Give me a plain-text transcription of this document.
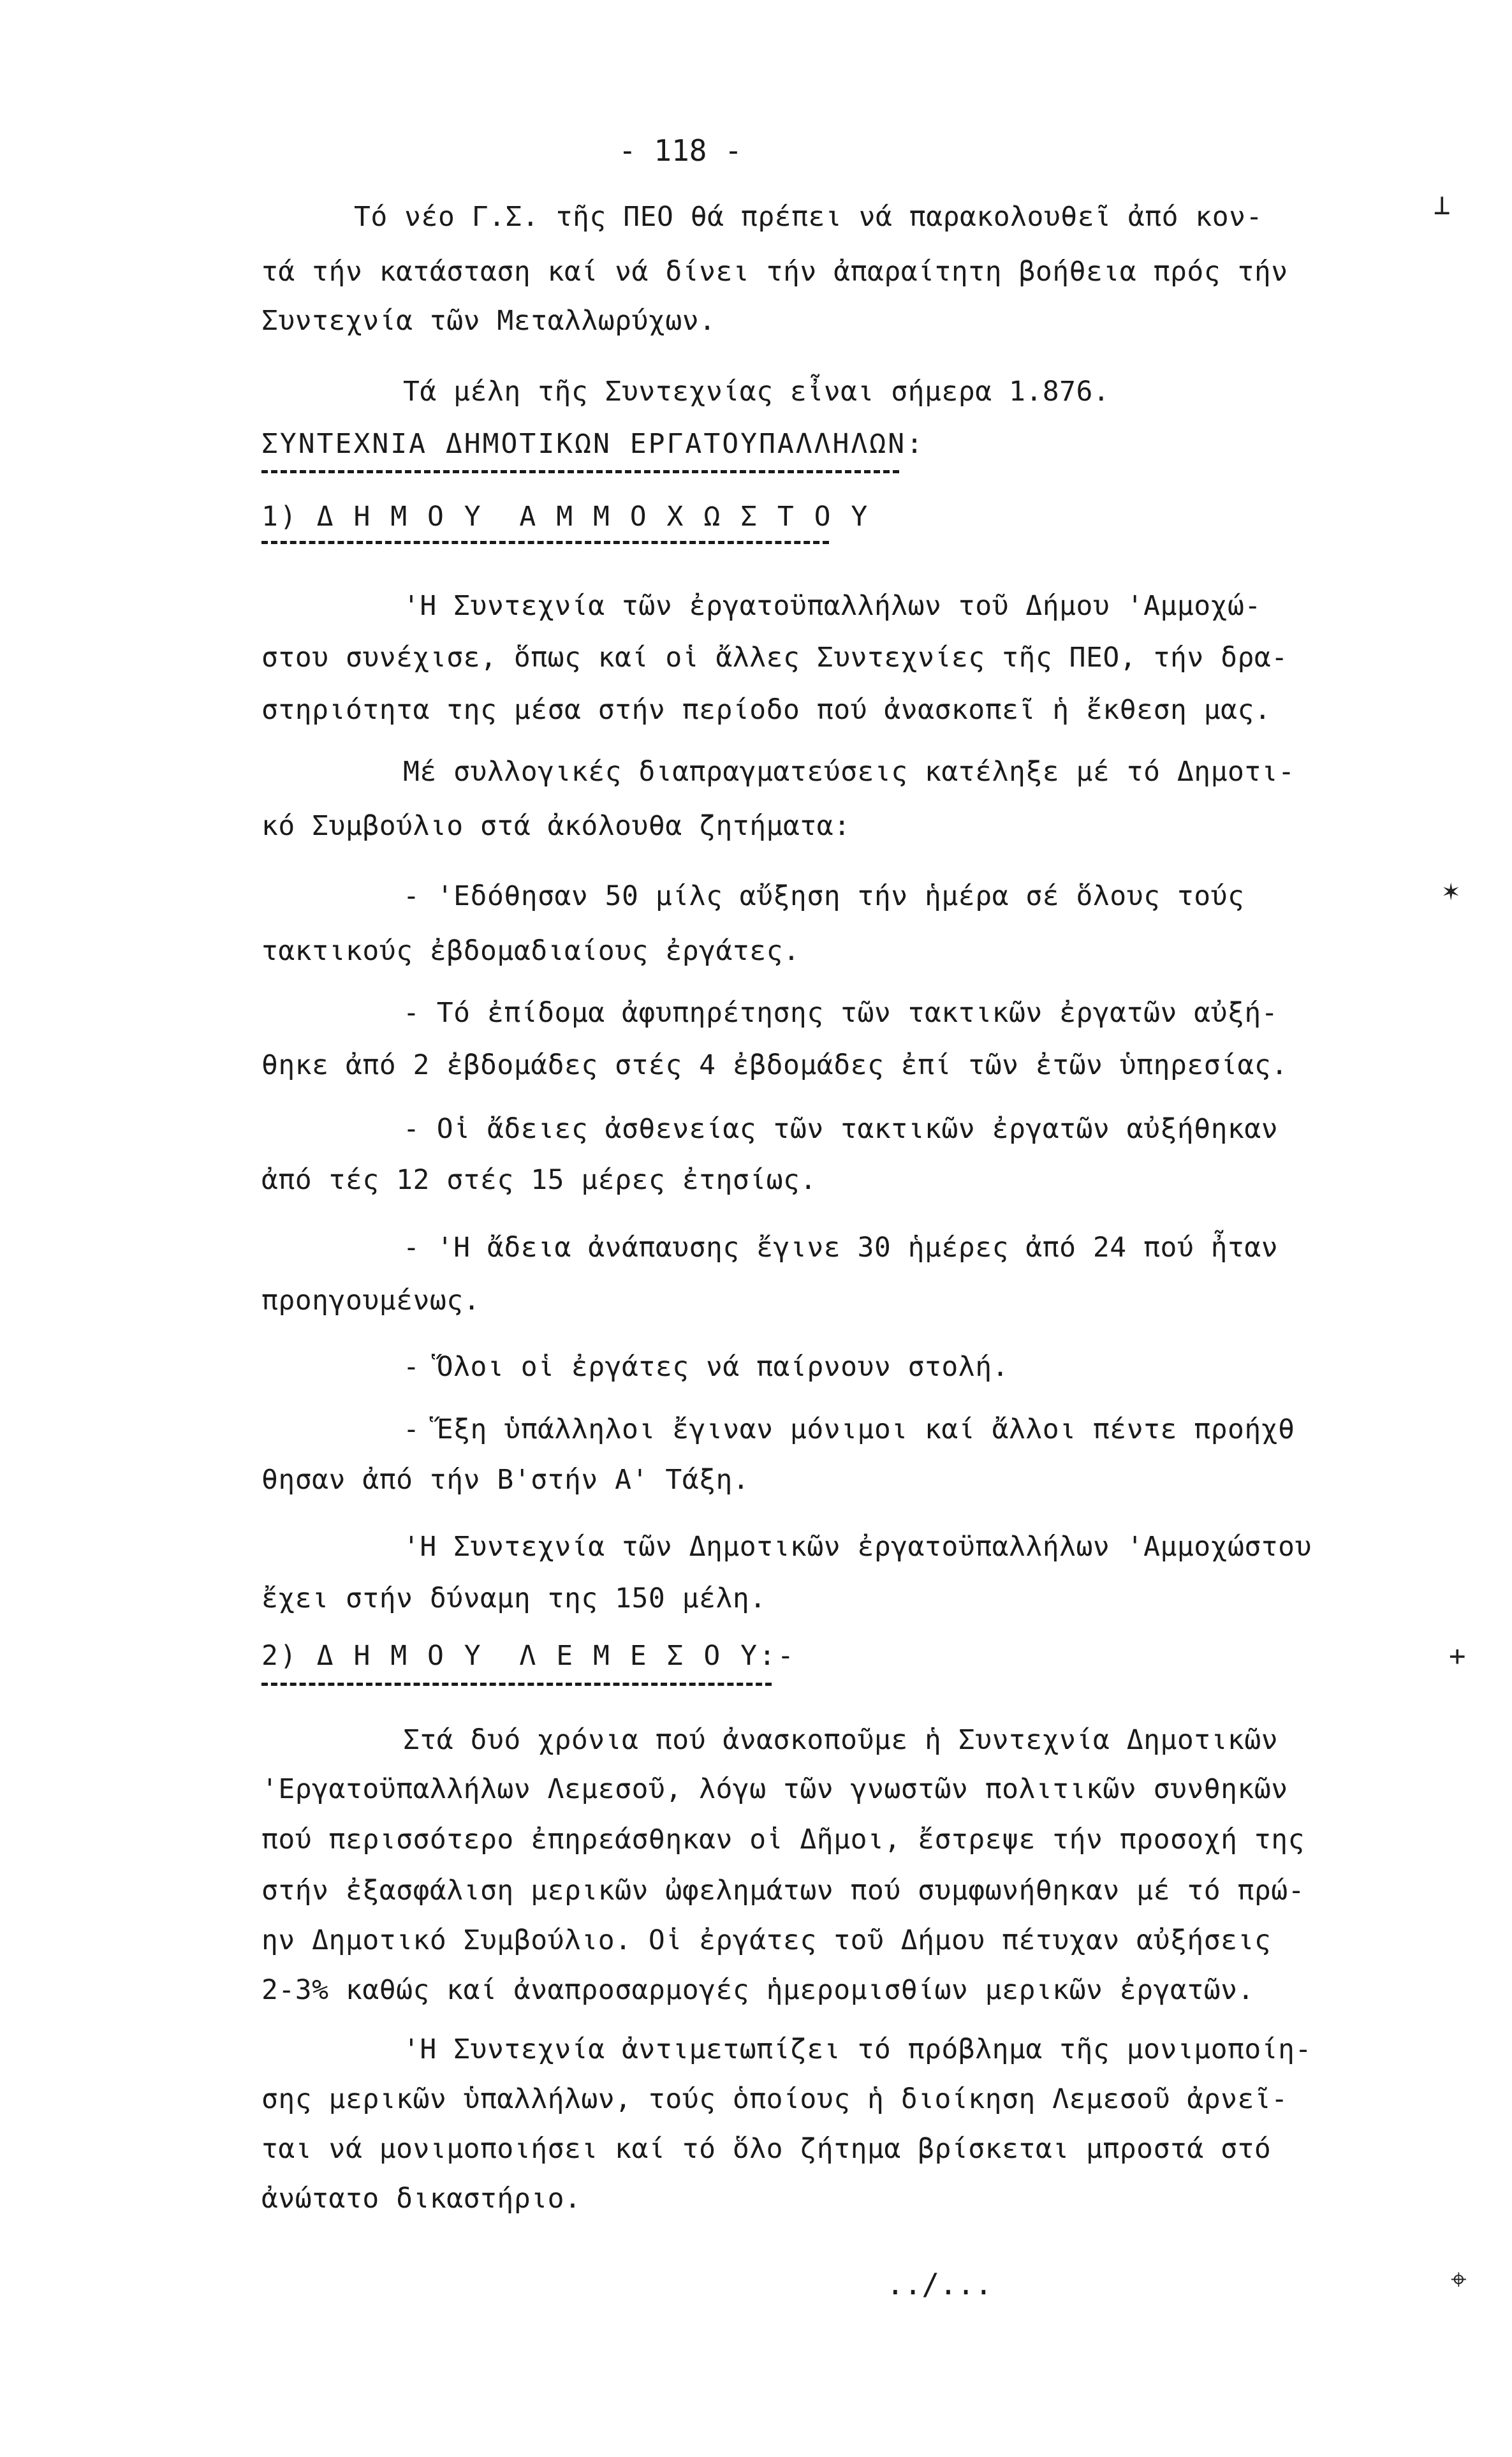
- 118 -
Τό νέο Γ.Σ. τῆς ΠΕΟ θά πρέπει νά παρακολουθεῖ ἀπό κον-
τά τήν κατάσταση καί νά δίνει τήν ἀπαραίτητη βοήθεια πρός τήν
Συντεχνία τῶν Μεταλλωρύχων.
Τά μέλη τῆς Συντεχνίας εἶναι σήμερα 1.876.
ΣΥΝΤΕΧΝΙΑ ΔΗΜΟΤΙΚΩΝ ΕΡΓΑΤΟΥΠΑΛΛΗΛΩΝ:
1) Δ Η Μ Ο Υ  Α Μ Μ Ο Χ Ω Σ Τ Ο Υ
'Η Συντεχνία τῶν ἐργατοϋπαλλήλων τοῦ Δήμου 'Αμμοχώ-
στου συνέχισε, ὅπως καί οἱ ἄλλες Συντεχνίες τῆς ΠΕΟ, τήν δρα-
στηριότητα της μέσα στήν περίοδο πού ἀνασκοπεῖ ἡ ἔκθεση μας.
Μέ συλλογικές διαπραγματεύσεις κατέληξε μέ τό Δημοτι-
κό Συμβούλιο στά ἀκόλουθα ζητήματα:
- 'Εδόθησαν 50 μίλς αὔξηση τήν ἡμέρα σέ ὅλους τούς
τακτικούς ἐβδομαδιαίους ἐργάτες.
- Τό ἐπίδομα ἀφυπηρέτησης τῶν τακτικῶν ἐργατῶν αὐξή-
θηκε ἀπό 2 ἐβδομάδες στές 4 ἐβδομάδες ἐπί τῶν ἐτῶν ὑπηρεσίας.
- Οἱ ἄδειες ἀσθενείας τῶν τακτικῶν ἐργατῶν αὐξήθηκαν
ἀπό τές 12 στές 15 μέρες ἐτησίως.
- 'Η ἄδεια ἀνάπαυσης ἔγινε 30 ἡμέρες ἀπό 24 πού ἦταν
προηγουμένως.
- Ὅλοι οἱ ἐργάτες νά παίρνουν στολή.
- Ἕξη ὑπάλληλοι ἔγιναν μόνιμοι καί ἄλλοι πέντε προήχθ
θησαν ἀπό τήν Β'στήν Α' Τάξη.
'Η Συντεχνία τῶν Δημοτικῶν ἐργατοϋπαλλήλων 'Αμμοχώστου
ἔχει στήν δύναμη της 150 μέλη.
2) Δ Η Μ Ο Υ  Λ Ε Μ Ε Σ Ο Υ:-
Στά δυό χρόνια πού ἀνασκοποῦμε ἡ Συντεχνία Δημοτικῶν
'Εργατοϋπαλλήλων Λεμεσοῦ, λόγω τῶν γνωστῶν πολιτικῶν συνθηκῶν
πού περισσότερο ἐπηρεάσθηκαν οἱ Δῆμοι, ἔστρεψε τήν προσοχή της
στήν ἐξασφάλιση μερικῶν ὠφελημάτων πού συμφωνήθηκαν μέ τό πρώ-
ην Δημοτικό Συμβούλιο. Οἱ ἐργάτες τοῦ Δήμου πέτυχαν αὐξήσεις
2-3% καθώς καί ἀναπροσαρμογές ἡμερομισθίων μερικῶν ἐργατῶν.
'Η Συντεχνία ἀντιμετωπίζει τό πρόβλημα τῆς μονιμοποίη-
σης μερικῶν ὑπαλλήλων, τούς ὁποίους ἡ διοίκηση Λεμεσοῦ ἀρνεῖ-
ται νά μονιμοποιήσει καί τό ὅλο ζήτημα βρίσκεται μπροστά στό
ἀνώτατο δικαστήριο.
../...
⊥
✶
+
⌖
